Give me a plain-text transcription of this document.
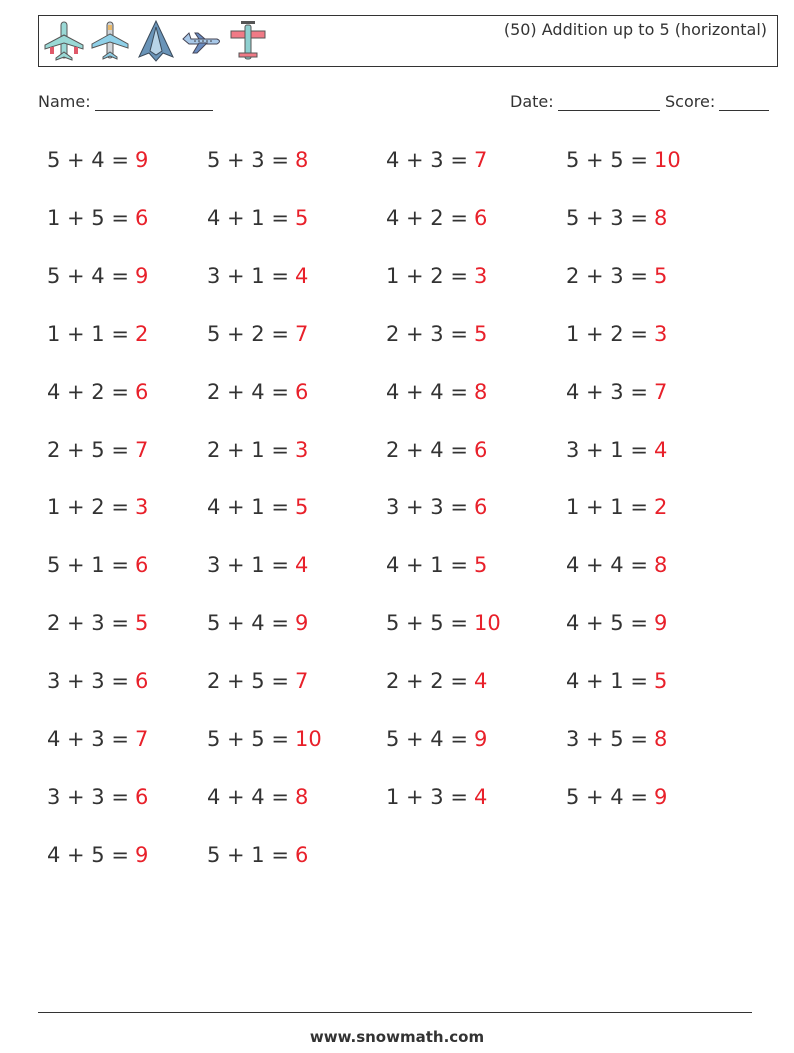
(50) Addition up to 5 (horizontal)
Name:	Date:	Score:
5 + 4 = 9	5 + 3 = 8	4 + 3 = 7	5 + 5 = 10
1 + 5 = 6	4 + 1 = 5	4 + 2 = 6	5 + 3 = 8
5 + 4 = 9	3 + 1 = 4	1 + 2 = 3	2 + 3 = 5
1 + 1 = 2	5 + 2 = 7	2 + 3 = 5	1 + 2 = 3
4 + 2 = 6	2 + 4 = 6	4 + 4 = 8	4 + 3 = 7
2 + 5 = 7	2 + 1 = 3	2 + 4 = 6	3 + 1 = 4
1 + 2 = 3	4 + 1 = 5	3 + 3 = 6	1 + 1 = 2
5 + 1 = 6	3 + 1 = 4	4 + 1 = 5	4 + 4 = 8
2 + 3 = 5	5 + 4 = 9	5 + 5 = 10	4 + 5 = 9
3 + 3 = 6	2 + 5 = 7	2 + 2 = 4	4 + 1 = 5
4 + 3 = 7	5 + 5 = 10	5 + 4 = 9	3 + 5 = 8
3 + 3 = 6	4 + 4 = 8	1 + 3 = 4	5 + 4 = 9
4 + 5 = 9	5 + 1 = 6
www.snowmath.com
